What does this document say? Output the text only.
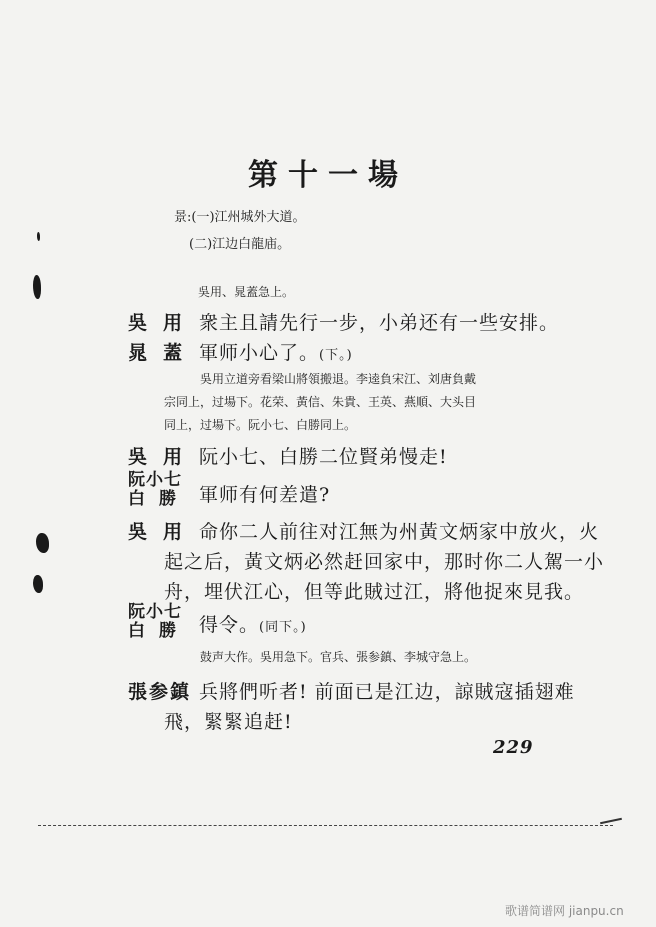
第十一場
景:(一)江州城外大道。
(二)江边白龍庙。
吳用、晁蓋急上。
吳用 衆主且請先行一步，小弟还有一些安排。
晁蓋 軍师小心了。(下。)
吳用立道旁看梁山將領搬退。李逵負宋江、刘唐負戴
宗同上，过場下。花荣、黃信、朱貴、王英、燕順、大头目
同上，过場下。阮小七、白勝同上。
吳用 阮小七、白勝二位賢弟慢走!
阮小七
白勝 軍师有何差遣?
吳用 命你二人前往对江無为州黃文炳家中放火，火
起之后，黃文炳必然赶回家中，那时你二人駕一小
舟，埋伏江心，但等此賊过江，將他捉來見我。
阮小七
白勝 得令。(同下。)
鼓声大作。吳用急下。官兵、張参鎮、李城守急上。
張参鎮 兵將們听者! 前面已是江边，諒賊寇插翅难
飛，緊緊追赶!
229
歌谱简谱网 jianpu.cn
